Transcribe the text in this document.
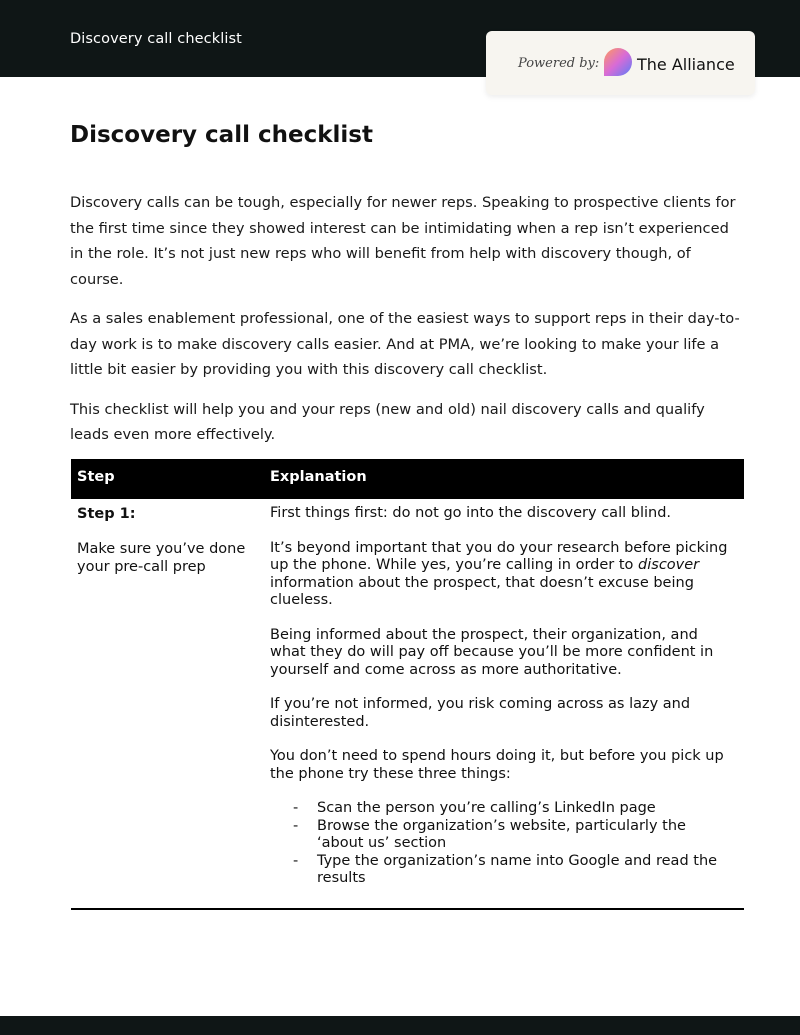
Discovery call checklist
Powered by: The Alliance
Discovery call checklist

Discovery calls can be tough, especially for newer reps. Speaking to prospective clients for the first time since they showed interest can be intimidating when a rep isn’t experienced in the role. It’s not just new reps who will benefit from help with discovery though, of course.

As a sales enablement professional, one of the easiest ways to support reps in their day-to-day work is to make discovery calls easier. And at PMA, we’re looking to make your life a little bit easier by providing you with this discovery call checklist.

This checklist will help you and your reps (new and old) nail discovery calls and qualify leads even more effectively.

Step	Explanation

Step 1:

Make sure you’ve done your pre-call prep

First things first: do not go into the discovery call blind.

It’s beyond important that you do your research before picking up the phone. While yes, you’re calling in order to discover information about the prospect, that doesn’t excuse being clueless.

Being informed about the prospect, their organization, and what they do will pay off because you’ll be more confident in yourself and come across as more authoritative.

If you’re not informed, you risk coming across as lazy and disinterested.

You don’t need to spend hours doing it, but before you pick up the phone try these three things:

- Scan the person you’re calling’s LinkedIn page
- Browse the organization’s website, particularly the ‘about us’ section
- Type the organization’s name into Google and read the results
